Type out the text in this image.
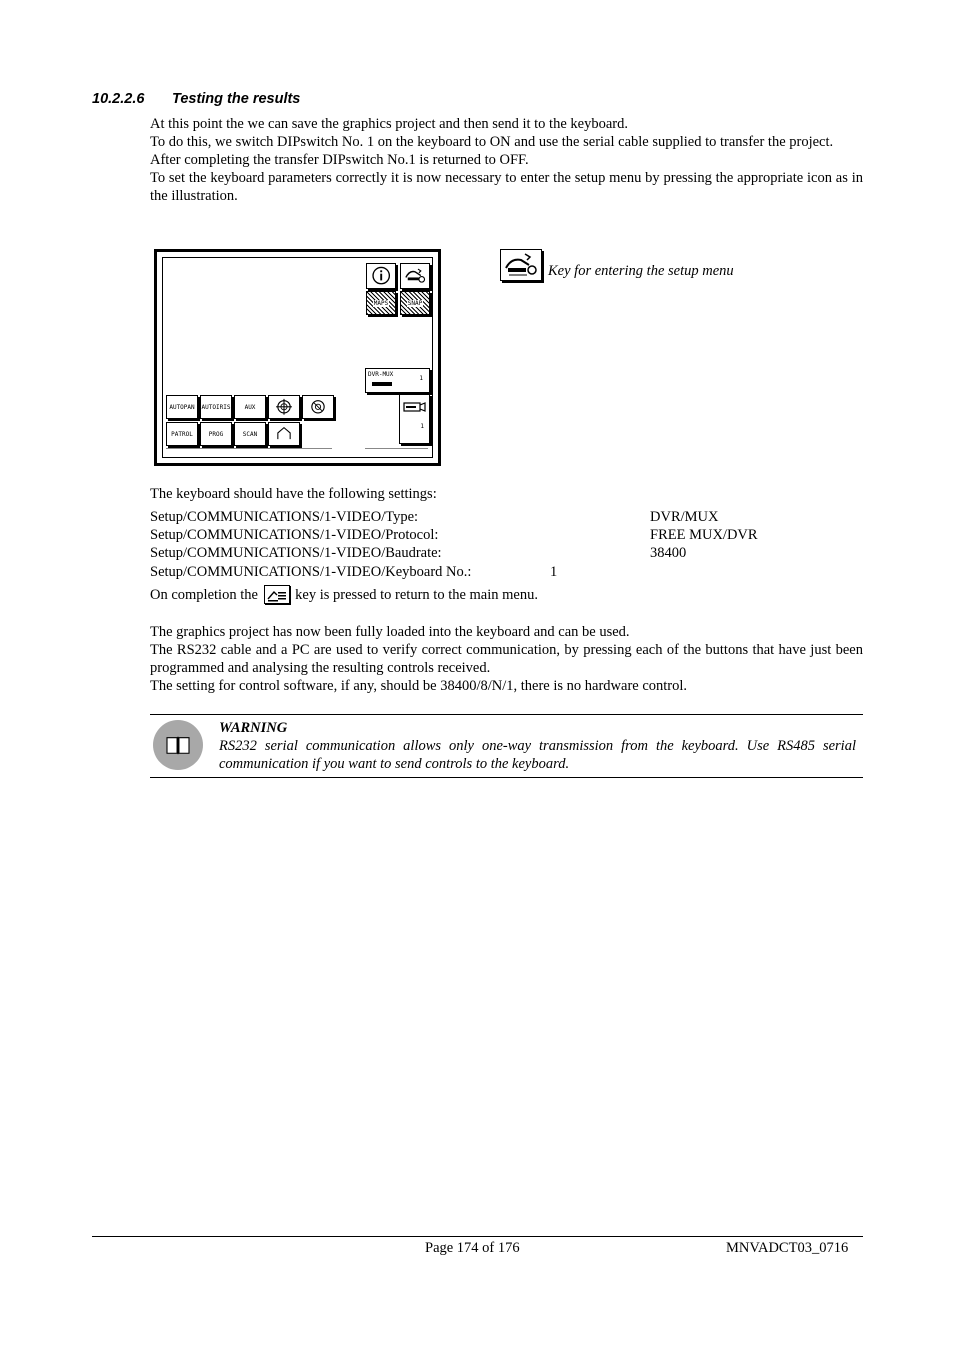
10.2.2.6 Testing the results

At this point the we can save the graphics project and then send it to the keyboard.

To do this, we switch DIPswitch No. 1 on the keyboard to ON and use the serial cable supplied to transfer the project.

After completing the transfer DIPswitch No.1 is returned to OFF.

To set the keyboard parameters correctly it is now necessary to enter the setup menu by pressing the appropriate icon as in the illustration.

MAPS	SNAP
DVR-MUX
1
1
AUTOPAN AUTOIRIS AUX
PATROL	PROG	SCAN
Key for entering the setup menu
The keyboard should have the following settings:
Setup/COMMUNICATIONS/1-VIDEO/Type:	DVR/MUX
Setup/COMMUNICATIONS/1-VIDEO/Protocol:	FREE MUX/DVR
Setup/COMMUNICATIONS/1-VIDEO/Baudrate:	38400
Setup/COMMUNICATIONS/1-VIDEO/Keyboard No.:	1
On completion the	key is pressed to return to the main menu.

The graphics project has now been fully loaded into the keyboard and can be used.

The RS232 cable and a PC are used to verify correct communication, by pressing each of the buttons that have just been programmed and analysing the resulting controls received.

The setting for control software, if any, should be 38400/8/N/1, there is no hardware control.

WARNING
RS232 serial communication allows only one-way transmission from the keyboard. Use RS485 serial communication if you want to send controls to the keyboard.
Page 174 of 176	MNVADCT03_0716
